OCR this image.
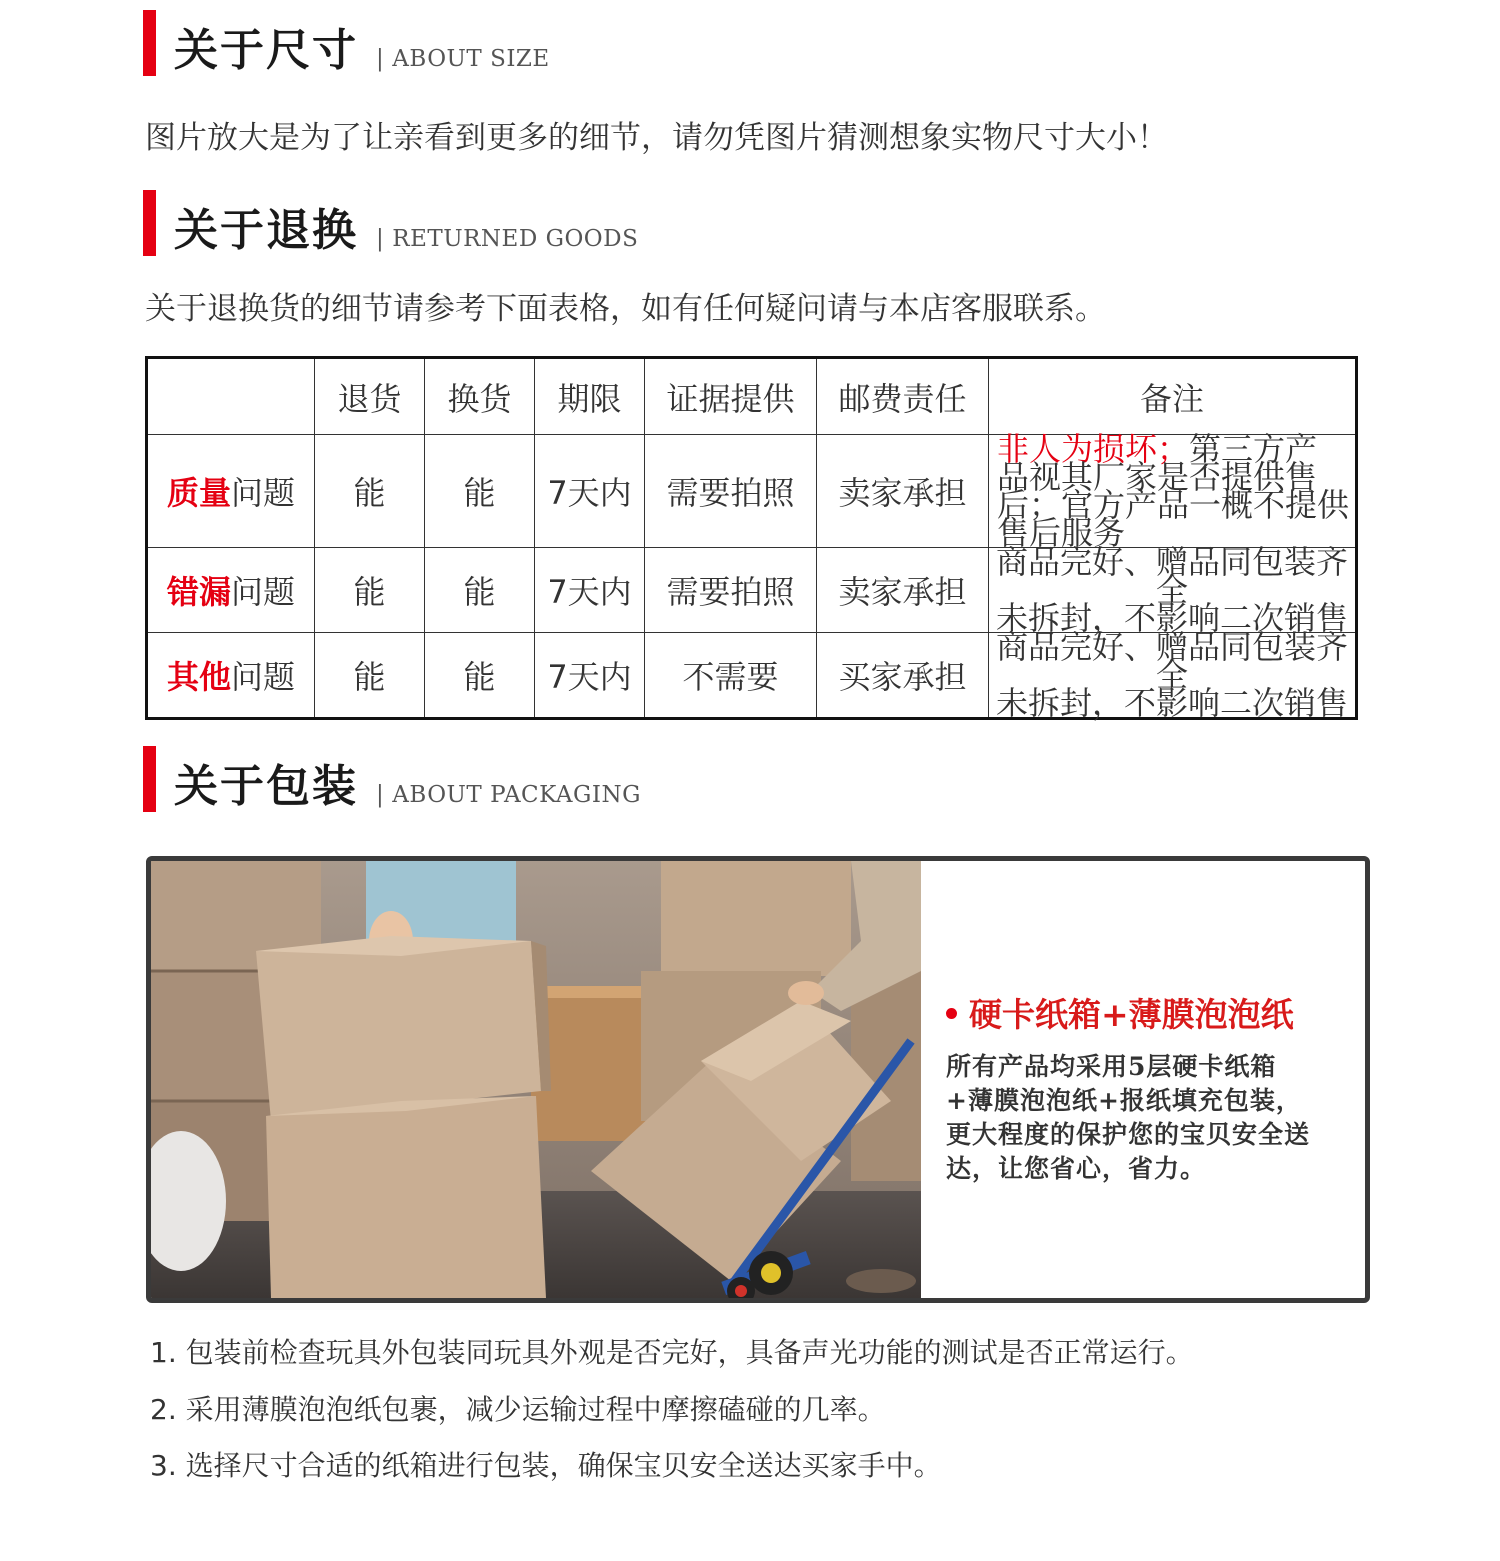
关于尺寸 | ABOUT SIZE
图片放大是为了让亲看到更多的细节，请勿凭图片猜测想象实物尺寸大小！
关于退换 | RETURNED GOODS
关于退换货的细节请参考下面表格，如有任何疑问请与本店客服联系。
	退货	换货	期限	证据提供	邮费责任	备注
质量问题	能	能	7天内	需要拍照	卖家承担	非人为损坏；第三方产品视其厂家是否提供售后；官方产品一概不提供售后服务
错漏问题	能	能	7天内	需要拍照	卖家承担	商品完好、赠品同包装齐全
未拆封，不影响二次销售

其他问题	能	能	7天内	不需要	买家承担	商品完好、赠品同包装齐全
未拆封，不影响二次销售
关于包装 | ABOUT PACKAGING
硬卡纸箱+薄膜泡泡纸
所有产品均采用5层硬卡纸箱+薄膜泡泡纸+报纸填充包装，更大程度的保护您的宝贝安全送达，让您省心，省力。
1. 包装前检查玩具外包装同玩具外观是否完好，具备声光功能的测试是否正常运行。
2. 采用薄膜泡泡纸包裹，减少运输过程中摩擦磕碰的几率。
3. 选择尺寸合适的纸箱进行包装，确保宝贝安全送达买家手中。
